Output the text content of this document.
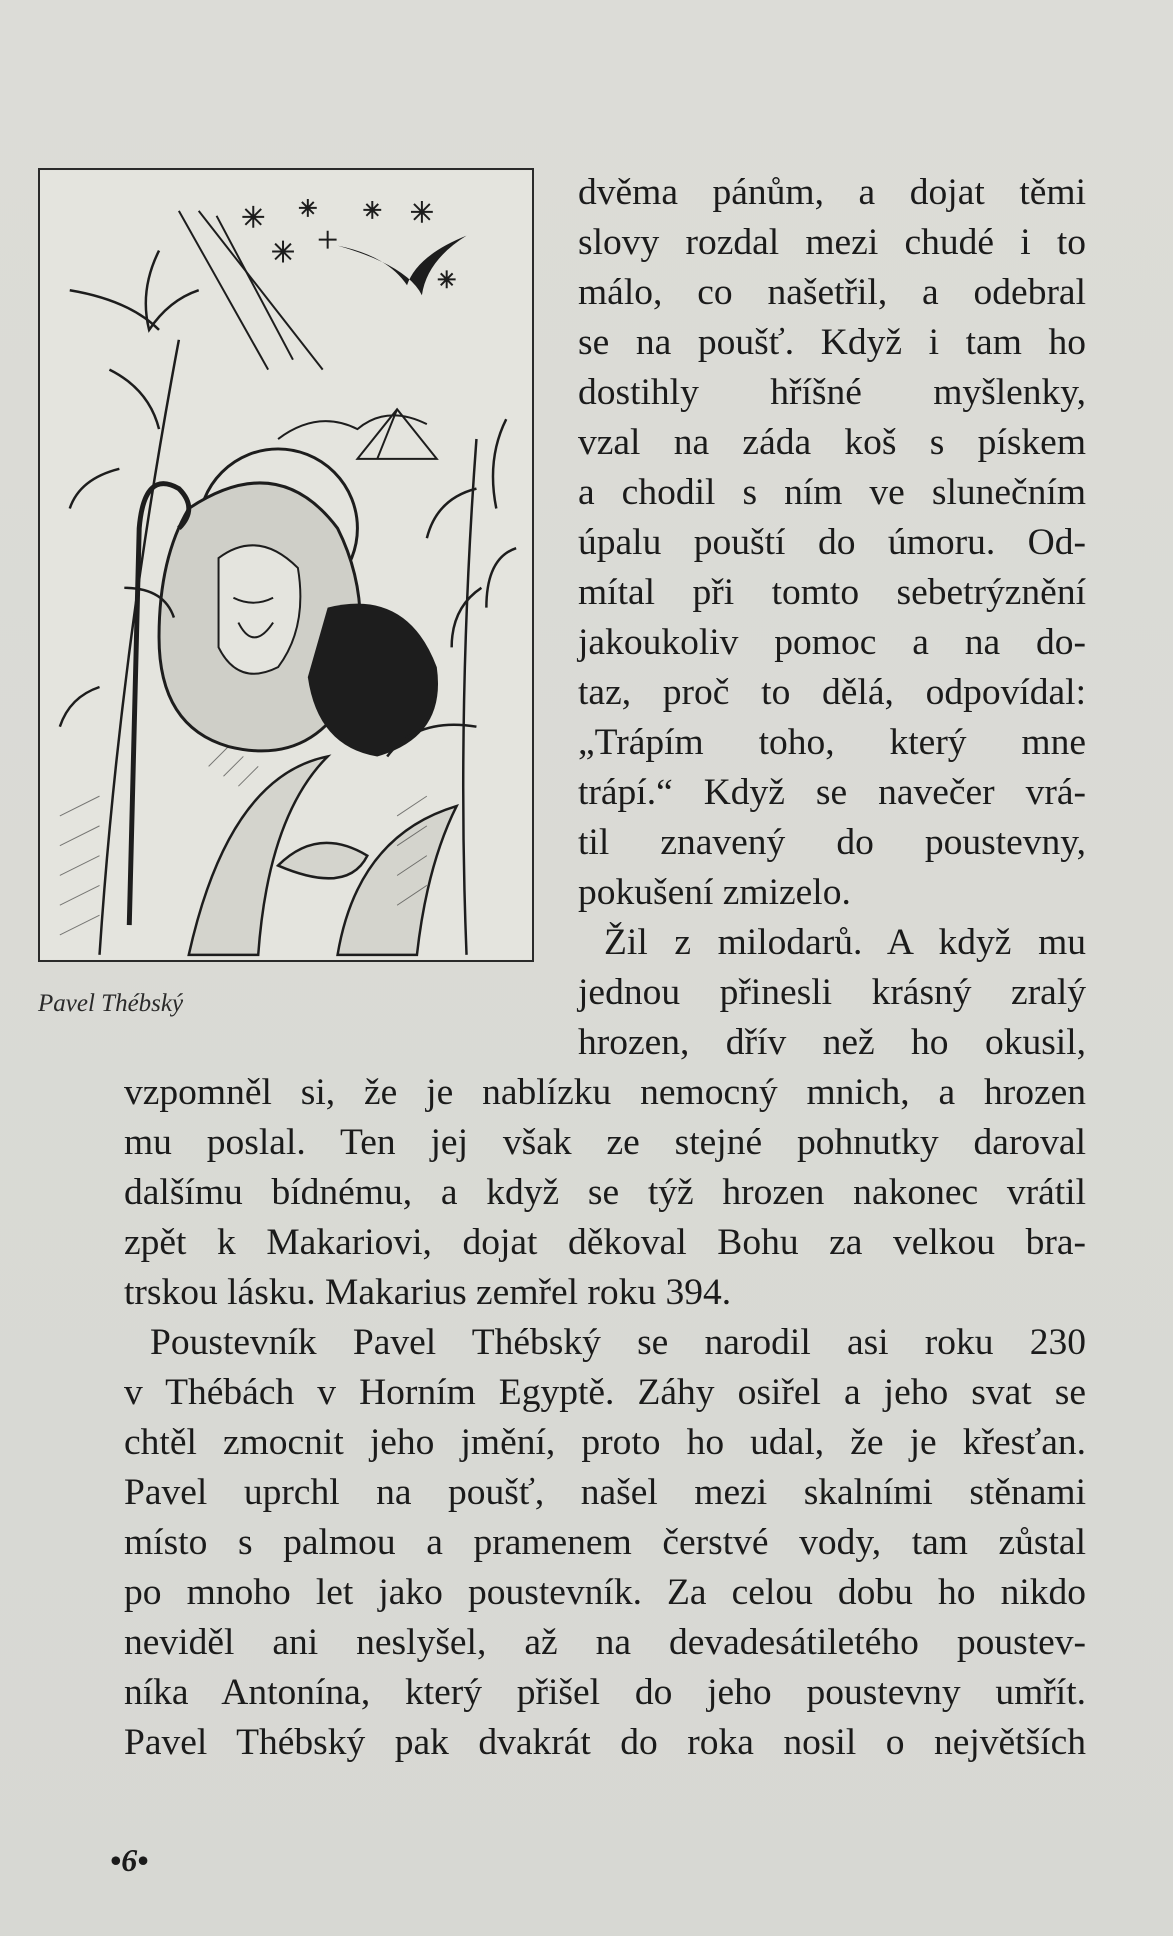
Pavel Thébský
dvěma pánům, a dojat těmi
slovy rozdal mezi chudé i to
málo, co našetřil, a odebral
se na poušť. Když i tam ho
dostihly hříšné myšlenky,
vzal na záda koš s pískem
a chodil s ním ve slunečním
úpalu pouští do úmoru. Od-
mítal při tomto sebetrýznění
jakoukoliv pomoc a na do-
taz, proč to dělá, odpovídal:
„Trápím toho, který mne
trápí.“ Když se navečer vrá-
til znavený do poustevny,
pokušení zmizelo.
Žil z milodarů. A když mu
jednou přinesli krásný zralý
hrozen, dřív než ho okusil,
vzpomněl si, že je nablízku nemocný mnich, a hrozen
mu poslal. Ten jej však ze stejné pohnutky daroval
dalšímu bídnému, a když se týž hrozen nakonec vrátil
zpět k Makariovi, dojat děkoval Bohu za velkou bra-
trskou lásku. Makarius zemřel roku 394.
Poustevník Pavel Thébský se narodil asi roku 230
v Thébách v Horním Egyptě. Záhy osiřel a jeho svat se
chtěl zmocnit jeho jmění, proto ho udal, že je křesťan.
Pavel uprchl na poušť, našel mezi skalními stěnami
místo s palmou a pramenem čerstvé vody, tam zůstal
po mnoho let jako poustevník. Za celou dobu ho nikdo
neviděl ani neslyšel, až na devadesátiletého poustev-
níka Antonína, který přišel do jeho poustevny umřít.
Pavel Thébský pak dvakrát do roka nosil o největších
•6•
